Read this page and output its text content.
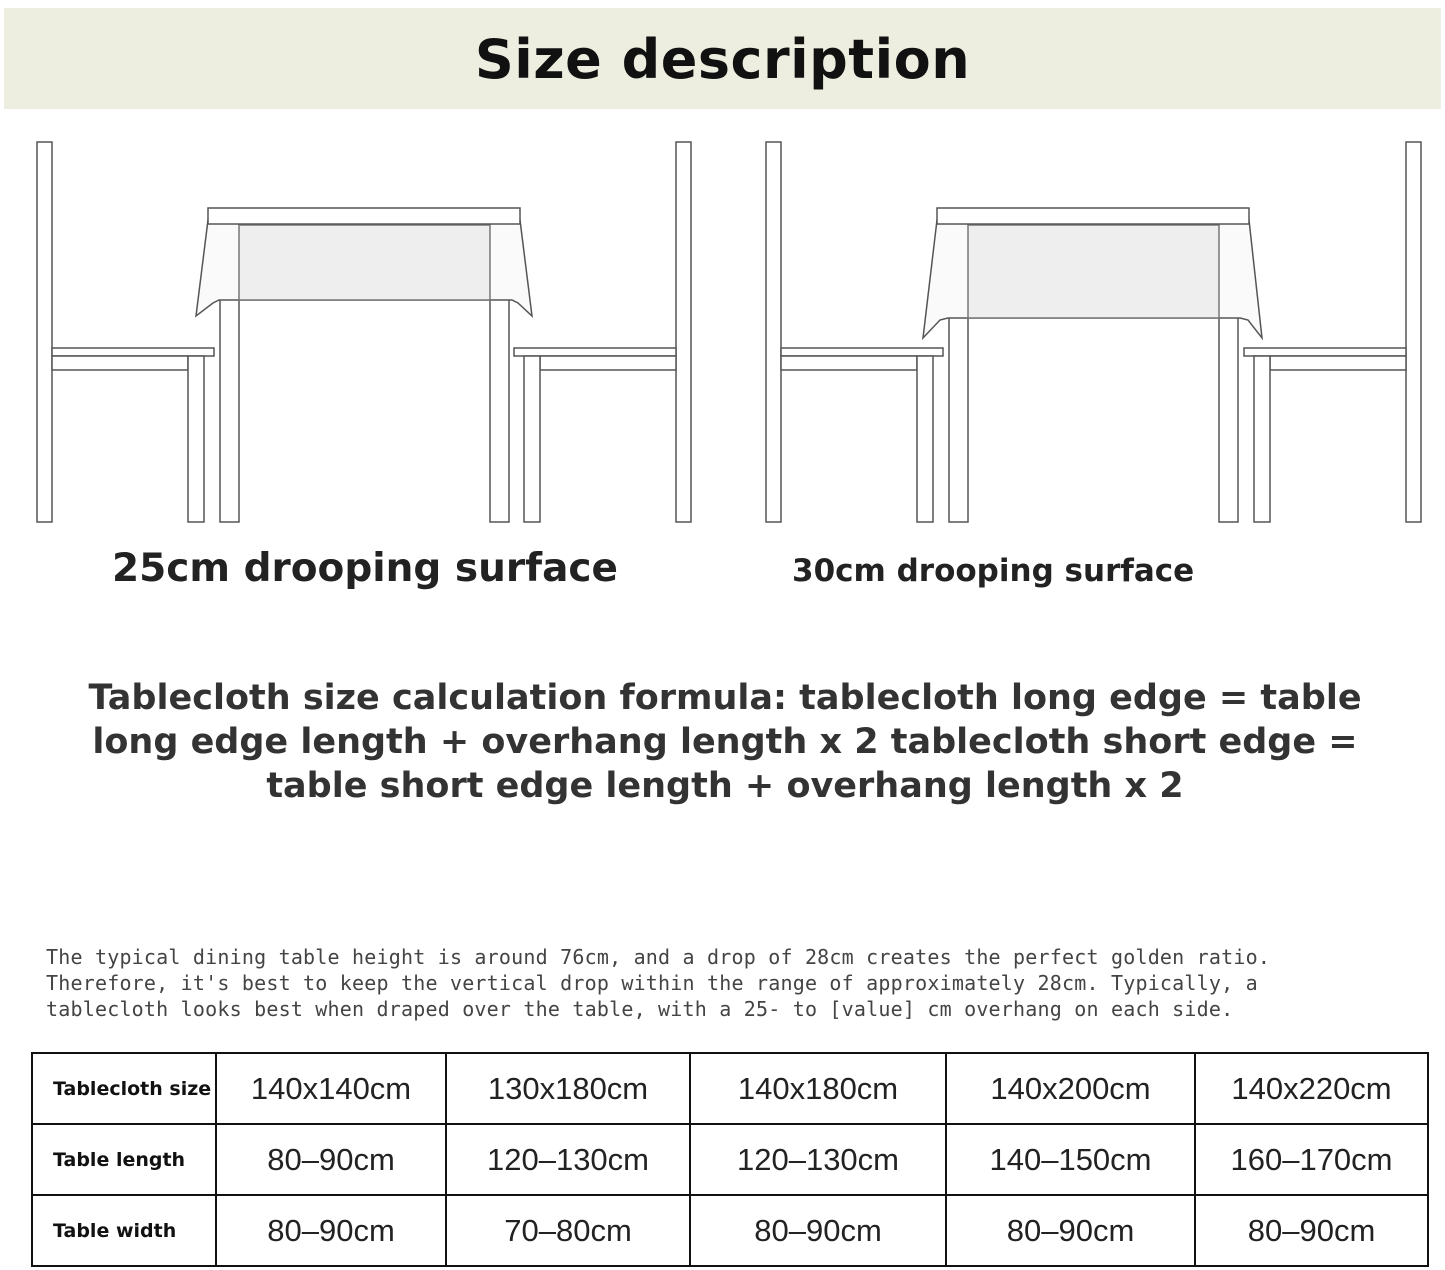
Size description
25cm drooping surface	30cm drooping surface
Tablecloth size calculation formula: tablecloth long edge = table long edge length + overhang length x 2 tablecloth short edge = table short edge length + overhang length x 2
The typical dining table height is around 76cm, and a drop of 28cm creates the perfect golden ratio. Therefore, it's best to keep the vertical drop within the range of approximately 28cm. Typically, a tablecloth looks best when draped over the table, with a 25- to [value] cm overhang on each side.
Tablecloth size	140x140cm	130x180cm	140x180cm	140x200cm	140x220cm
Table length	80–90cm	120–130cm	120–130cm	140–150cm	160–170cm
Table width	80–90cm	70–80cm	80–90cm	80–90cm	80–90cm
